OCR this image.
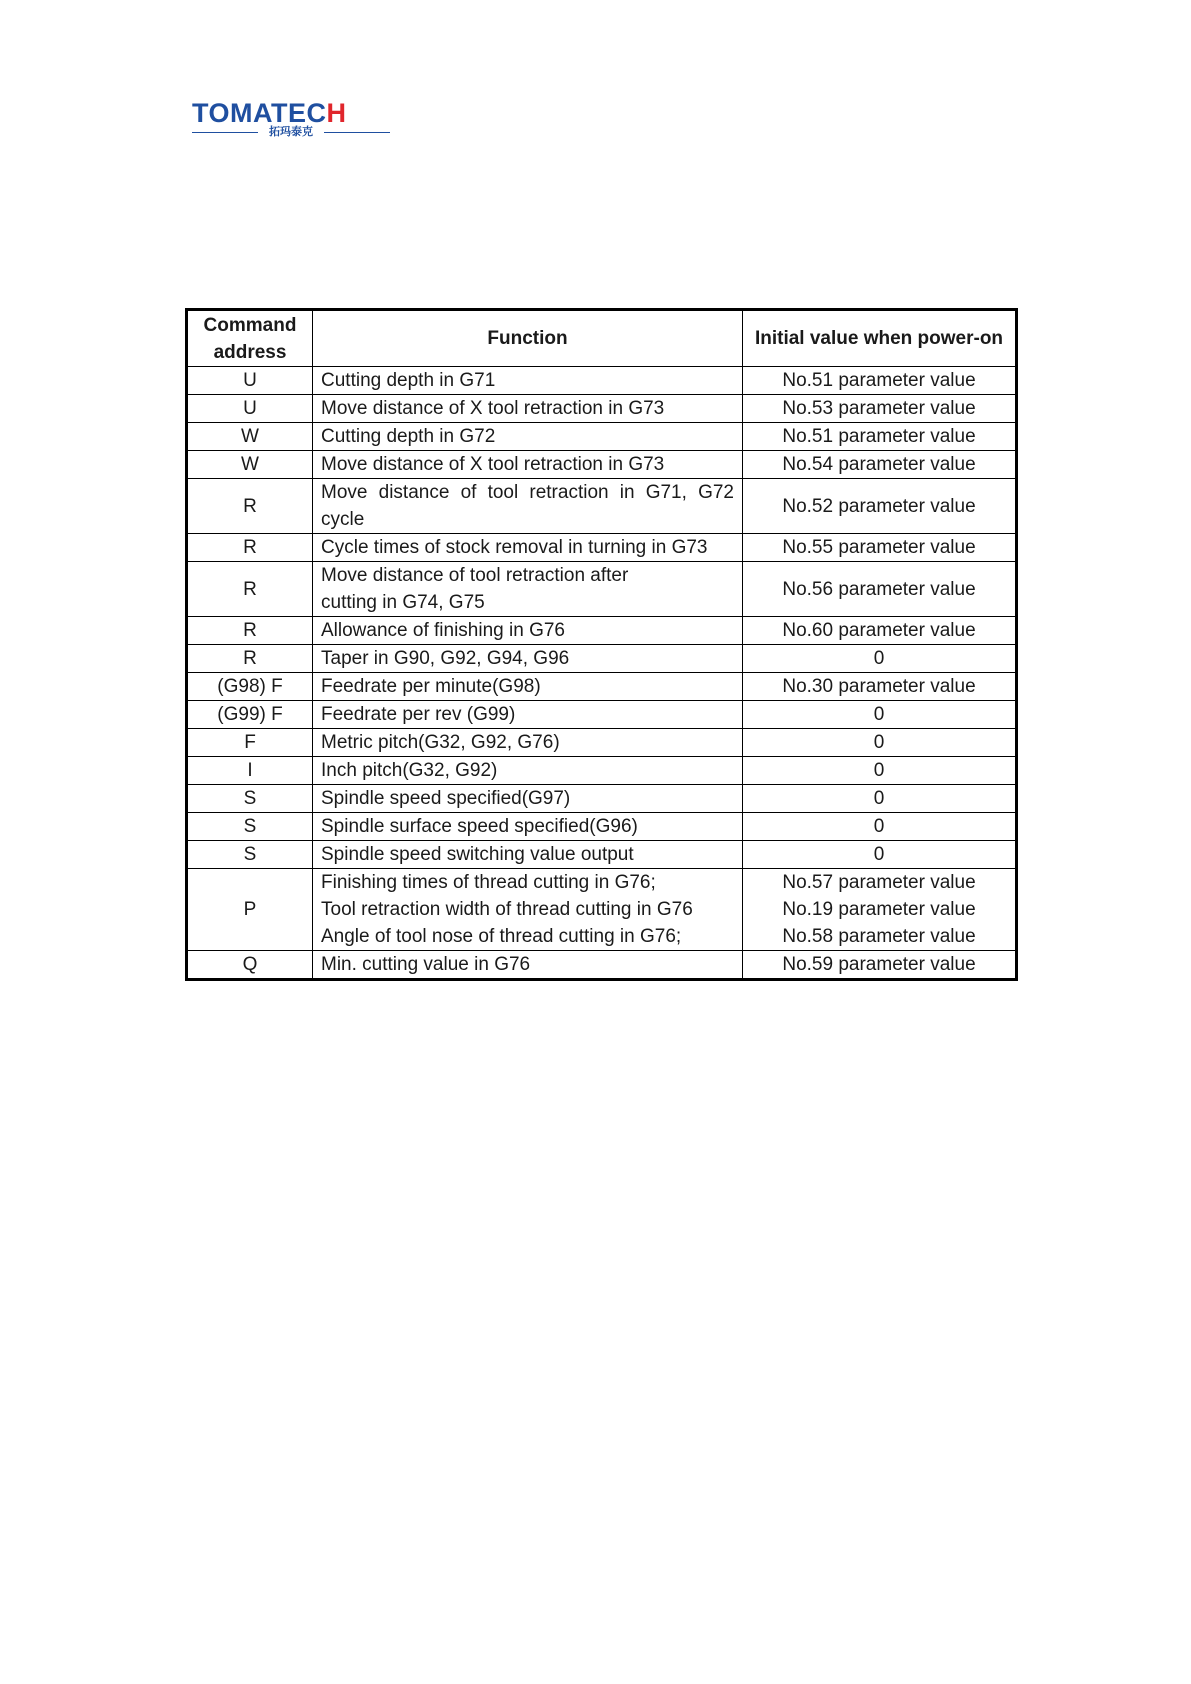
TOMATECH
拓玛泰克
Command
address	Function	Initial value when power-on
U	Cutting depth in G71	No.51 parameter value

U	Move distance of X tool retraction in G73	No.53 parameter value

W	Cutting depth in G72	No.51 parameter value

W	Move distance of X tool retraction in G73	No.54 parameter value

R	Move distance of tool retraction in G71, G72 cycle	No.52 parameter value

R	Cycle times of stock removal in turning in G73	No.55 parameter value

R	Move distance of tool retraction after
cutting in G74, G75	No.56 parameter value

R	Allowance of finishing in G76	No.60 parameter value

R	Taper in G90, G92, G94, G96	0

(G98) F	Feedrate per minute(G98)	No.30 parameter value

(G99) F	Feedrate per rev (G99)	0

F	Metric pitch(G32, G92, G76)	0

I	Inch pitch(G32, G92)	0

S	Spindle speed specified(G97)	0

S	Spindle surface speed specified(G96)	0

S	Spindle speed switching value output	0

P	Finishing times of thread cutting in G76;
Tool retraction width of thread cutting in G76
Angle of tool nose of thread cutting in G76;	No.57 parameter value
No.19 parameter value
No.58 parameter value

Q	Min. cutting value in G76	No.59 parameter value
